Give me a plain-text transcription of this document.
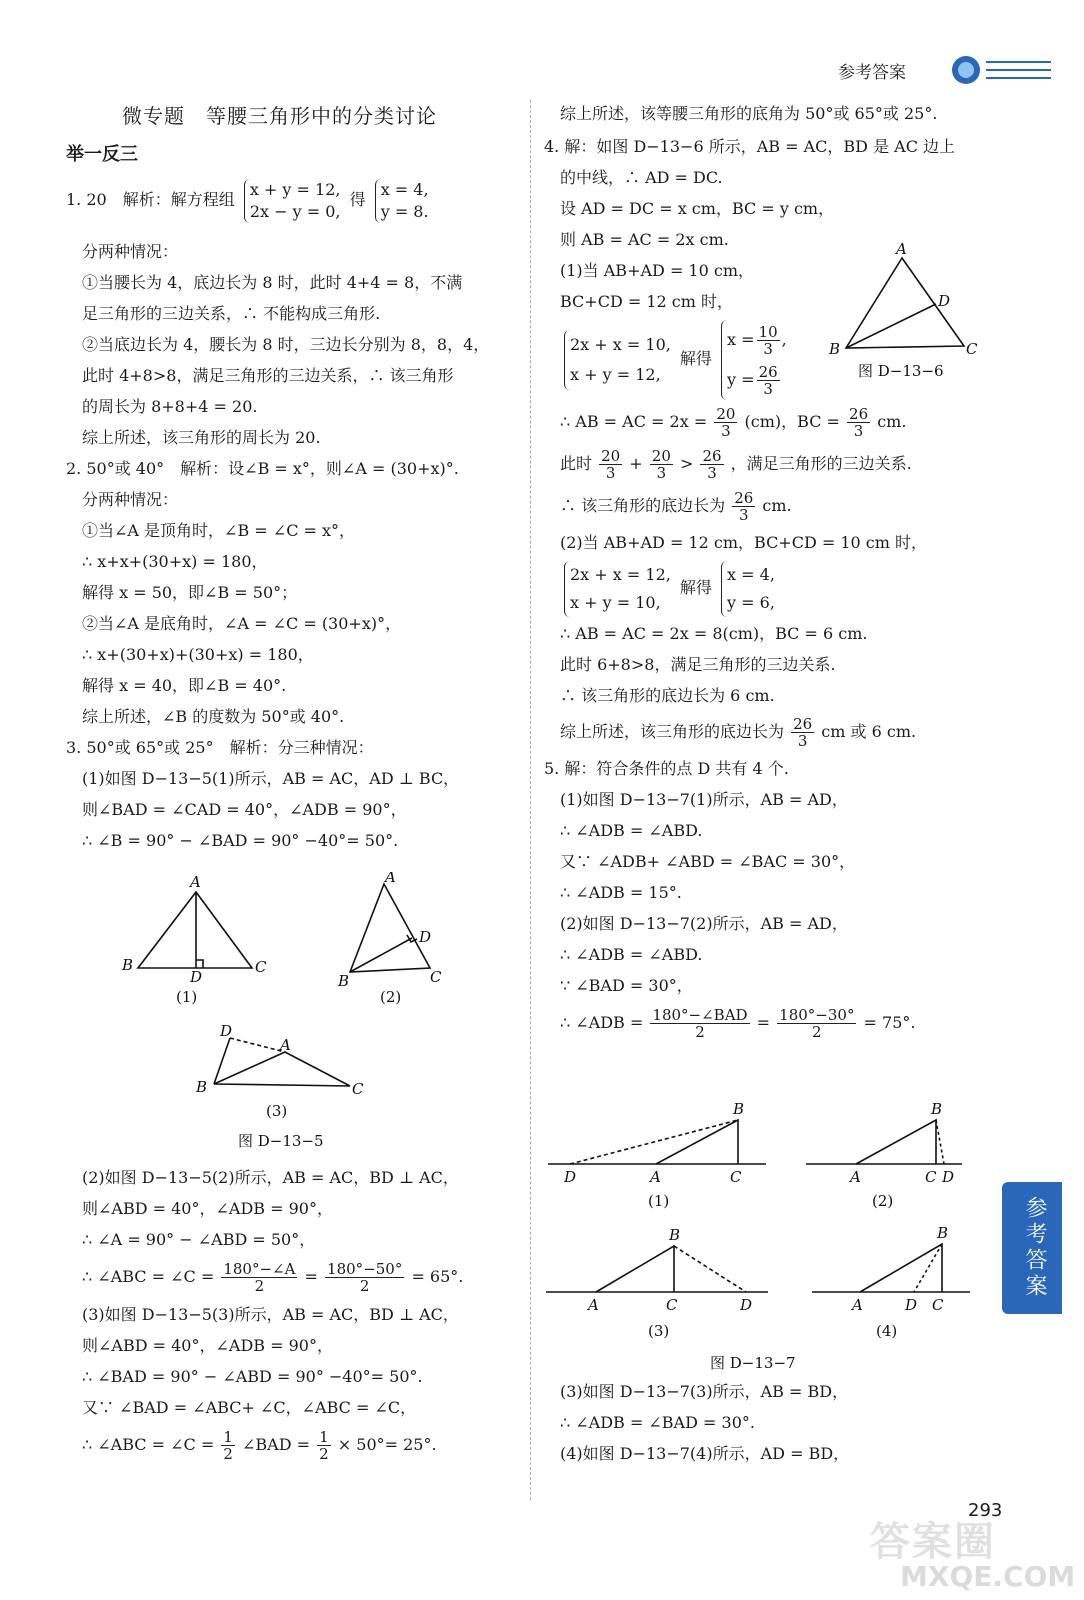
参考答案
微专题　等腰三角形中的分类讨论
举一反三
1. 20　解析：解方程组 x + y = 12,
2x − y = 0, 得 x = 4,
y = 8.
分两种情况：
①当腰长为 4，底边长为 8 时，此时 4+4 = 8，不满
足三角形的三边关系，∴ 不能构成三角形.
②当底边长为 4，腰长为 8 时，三边长分别为 8，8，4，
此时 4+8>8，满足三角形的三边关系，∴ 该三角形
的周长为 8+8+4 = 20.
综上所述，该三角形的周长为 20.
2. 50°或 40°　解析：设∠B = x°，则∠A = (30+x)°.
分两种情况：
①当∠A 是顶角时，∠B = ∠C = x°，
∴ x+x+(30+x) = 180，
解得 x = 50，即∠B = 50°；
②当∠A 是底角时，∠A = ∠C = (30+x)°，
∴ x+(30+x)+(30+x) = 180，
解得 x = 40，即∠B = 40°.
综上所述，∠B 的度数为 50°或 40°.
3. 50°或 65°或 25°　解析：分三种情况：
(1)如图 D−13−5(1)所示，AB = AC，AD ⊥ BC，
则∠BAD = ∠CAD = 40°，∠ADB = 90°，
∴ ∠B = 90° − ∠BAD = 90° −40°= 50°.
A
B	C
D
A
B	C
D
D
A
B	C
(1)	(2)
(3)
图 D−13−5
(2)如图 D−13−5(2)所示，AB = AC，BD ⊥ AC，
则∠ABD = 40°，∠ADB = 90°，
∴ ∠A = 90° − ∠ABD = 50°，
∴ ∠ABC = ∠C = $\frac{180^\circ-\angle A}{2} = \frac{180^\circ-50^\circ}{2} = 65^\circ$.
(3)如图 D−13−5(3)所示，AB = AC，BD ⊥ AC，
则∠ABD = 40°，∠ADB = 90°，
∴ ∠BAD = 90° − ∠ABD = 90° −40°= 50°.
又∵ ∠BAD = ∠ABC+ ∠C，∠ABC = ∠C，
∴ ∠ABC = ∠C = $\frac{1}{2}$ ∠BAD = $\frac{1}{2} \times 50^\circ= 25^\circ$.
综上所述，该等腰三角形的底角为 50°或 65°或 25°.
4. 解：如图 D−13−6 所示，AB = AC，BD 是 AC 边上
的中线，∴ AD = DC.
设 AD = DC = x cm，BC = y cm，
则 AB = AC = 2x cm.
(1)当 AB+AD = 10 cm，
BC+CD = 12 cm 时，
2x + x = 10,
x + y = 12, 解得 $x = \frac{10}{3}$ ,
$y = \frac{26}{3}$
∴ AB = AC = $2x = \frac{20}{3} (cm)$，BC = $\frac{26}{3}$ cm.
此时 $\frac{20}{3} + \frac{20}{3} > \frac{26}{3}$ ，满足三角形的三边关系.
∴ 该三角形的底边长为 $\frac{26}{3}$ cm.
(2)当 AB+AD = 12 cm，BC+CD = 10 cm 时，
2x + x = 12,
x + y = 10, 解得 x = 4,
y = 6,
∴ AB = AC = 2x = 8(cm)，BC = 6 cm.
此时 6+8>8，满足三角形的三边关系.
∴ 该三角形的底边长为 6 cm.
综上所述，该三角形的底边长为 $\frac{26}{3}$ cm 或 6 cm.
5. 解：符合条件的点 D 共有 4 个.
(1)如图 D−13−7(1)所示，AB = AD，
∴ ∠ADB = ∠ABD.
又∵ ∠ADB+ ∠ABD = ∠BAC = 30°，
∴ ∠ADB = 15°.
(2)如图 D−13−7(2)所示，AB = AD，
∴ ∠ADB = ∠ABD.
∵ ∠BAD = 30°，
∴ ∠ADB = $\frac{\text{180°−∠BAD}}{2} = \frac{180^\circ-30^\circ}{2} = 75^\circ$.
A
B	C
D
图 D−13−6
B
D	A	C
B
A	C D
B
A	C	D
B
A	D C
(1)	(2)
(3)	(4)
图 D−13−7
(3)如图 D−13−7(3)所示，AB = BD，
∴ ∠ADB = ∠BAD = 30°.
(4)如图 D−13−7(4)所示，AD = BD，
参考答案
答案圈
MXQE.COM
293
